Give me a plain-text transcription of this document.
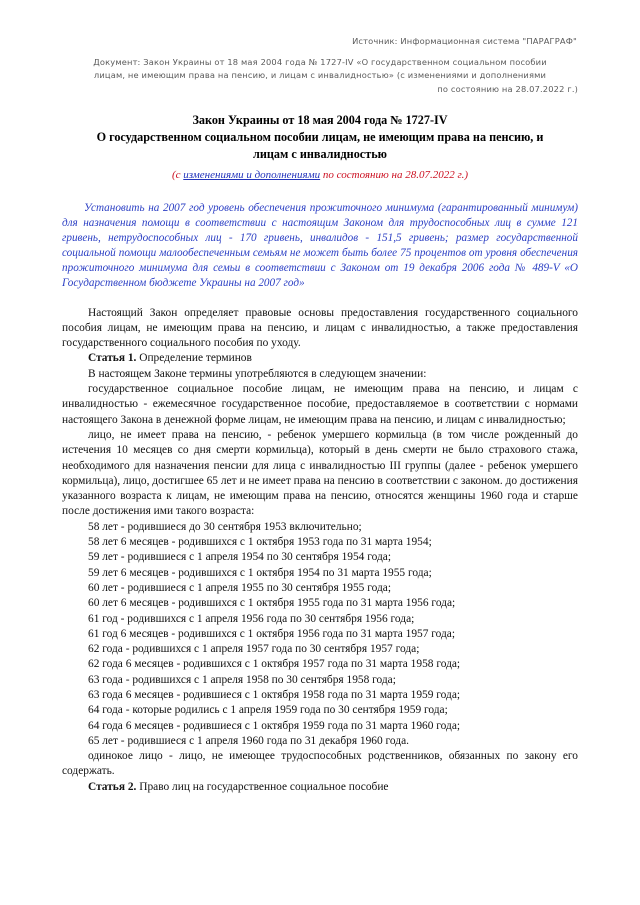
Источник: Информационная система "ПАРАГРАФ"
Документ: Закон Украины от 18 мая 2004 года № 1727-IV «О государственном социальном пособии
лицам, не имеющим права на пенсию, и лицам с инвалидностью» (с изменениями и дополнениями
по состоянию на 28.07.2022 г.)
Закон Украины от 18 мая 2004 года № 1727-IV
О государственном социальном пособии лицам, не имеющим права на пенсию, и
лицам с инвалидностью
(с изменениями и дополнениями по состоянию на 28.07.2022 г.)
Установить на 2007 год уровень обеспечения прожиточного минимума (гарантированный минимум) для назначения помощи в соответствии с настоящим Законом для трудоспособных лиц в сумме 121 гривень, нетрудоспособных лиц - 170 гривень, инвалидов - 151,5 гривень; размер государственной социальной помощи малообеспеченным семьям не может быть более 75 процентов от уровня обеспечения прожиточного минимума для семьи в соответствии с Законом от 19 декабря 2006 года № 489-V «О Государственном бюджете Украины на 2007 год»

Настоящий Закон определяет правовые основы предоставления государственного социального пособия лицам, не имеющим права на пенсию, и лицам с инвалидностью, а также предоставления государственного социального пособия по уходу.

Статья 1. Определение терминов

В настоящем Законе термины употребляются в следующем значении:

государственное социальное пособие лицам, не имеющим права на пенсию, и лицам с инвалидностью - ежемесячное государственное пособие, предоставляемое в соответствии с нормами настоящего Закона в денежной форме лицам, не имеющим права на пенсию, и лицам с инвалидностью;

лицо, не имеет права на пенсию, - ребенок умершего кормильца (в том числе рожденный до истечения 10 месяцев со дня смерти кормильца), который в день смерти не было страхового стажа, необходимого для назначения пенсии для лица с инвалидностью III группы (далее - ребенок умершего кормильца), лицо, достигшее 65 лет и не имеет права на пенсию в соответствии с законом. до достижения указанного возраста к лицам, не имеющим права на пенсию, относятся женщины 1960 года и старше после достижения ими такого возраста:

58 лет - родившиеся до 30 сентября 1953 включительно;
58 лет 6 месяцев - родившихся с 1 октября 1953 года по 31 марта 1954;
59 лет - родившиеся с 1 апреля 1954 по 30 сентября 1954 года;
59 лет 6 месяцев - родившихся с 1 октября 1954 по 31 марта 1955 года;
60 лет - родившиеся с 1 апреля 1955 по 30 сентября 1955 года;
60 лет 6 месяцев - родившихся с 1 октября 1955 года по 31 марта 1956 года;
61 год - родившихся с 1 апреля 1956 года по 30 сентября 1956 года;
61 год 6 месяцев - родившихся с 1 октября 1956 года по 31 марта 1957 года;
62 года - родившихся с 1 апреля 1957 года по 30 сентября 1957 года;
62 года 6 месяцев - родившихся с 1 октября 1957 года по 31 марта 1958 года;
63 года - родившихся с 1 апреля 1958 по 30 сентября 1958 года;
63 года 6 месяцев - родившиеся с 1 октября 1958 года по 31 марта 1959 года;
64 года - которые родились с 1 апреля 1959 года по 30 сентября 1959 года;
64 года 6 месяцев - родившиеся с 1 октября 1959 года по 31 марта 1960 года;
65 лет - родившиеся с 1 апреля 1960 года по 31 декабря 1960 года.

одинокое лицо - лицо, не имеющее трудоспособных родственников, обязанных по закону его содержать.

Статья 2. Право лиц на государственное социальное пособие
